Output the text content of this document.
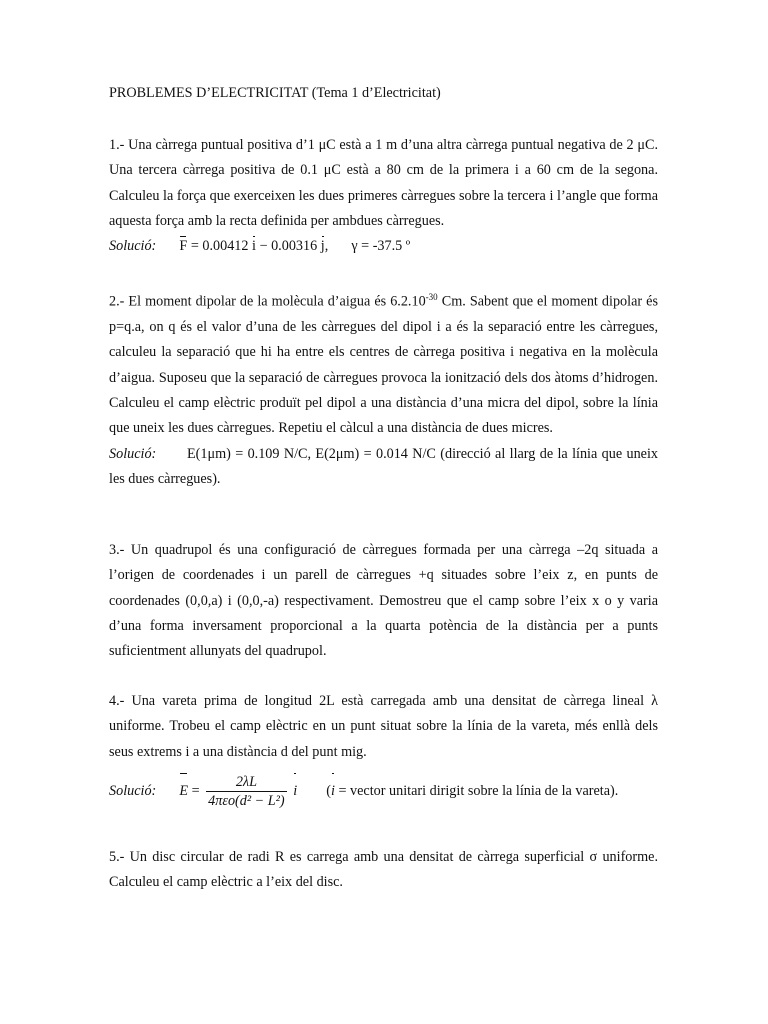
PROBLEMES D’ELECTRICITAT (Tema 1 d’Electricitat)

1.- Una càrrega puntual positiva d’1 μC està a 1 m d’una altra càrrega puntual negativa de 2 μC. Una tercera càrrega positiva de 0.1 μC està a 80 cm de la primera i a 60 cm de la segona. Calculeu la força que exerceixen les dues primeres càrregues sobre la tercera i l’angle que forma aquesta força amb la recta definida per ambdues càrregues.

Solució: F = 0.00412 i − 0.00316 j, γ = -37.5 º

2.- El moment dipolar de la molècula d’aigua és $6.2.10^{-30}$ Cm. Sabent que el moment dipolar és p=q.a, on q és el valor d’una de les càrregues del dipol i a és la separació entre les càrregues, calculeu la separació que hi ha entre els centres de càrrega positiva i negativa en la molècula d’aigua. Suposeu que la separació de càrregues provoca la ionització dels dos àtoms d’hidrogen. Calculeu el camp elèctric produït pel dipol a una distància d’una micra del dipol, sobre la línia que uneix les dues càrregues. Repetiu el càlcul a una distància de dues micres.

Solució: E(1μm) = 0.109 N/C, E(2μm) = 0.014 N/C (direcció al llarg de la línia que uneix les dues càrregues).

3.- Un quadrupol és una configuració de càrregues formada per una càrrega –2q situada a l’origen de coordenades i un parell de càrregues +q situades sobre l’eix z, en punts de coordenades (0,0,a) i (0,0,-a) respectivament. Demostreu que el camp sobre l’eix x o y varia d’una forma inversament proporcional a la quarta potència de la distància per a punts suficientment allunyats del quadrupol.

4.- Una vareta prima de longitud 2L està carregada amb una densitat de càrrega lineal λ uniforme. Trobeu el camp elèctric en un punt situat sobre la línia de la vareta, més enllà dels seus extrems i a una distància d del punt mig.

Solució: $E = \frac{2\lambda L}{\text{4πεo(d² − L²)}}$ i (i = vector unitari dirigit sobre la línia de la vareta).

5.- Un disc circular de radi R es carrega amb una densitat de càrrega superficial σ uniforme. Calculeu el camp elèctric a l’eix del disc.
